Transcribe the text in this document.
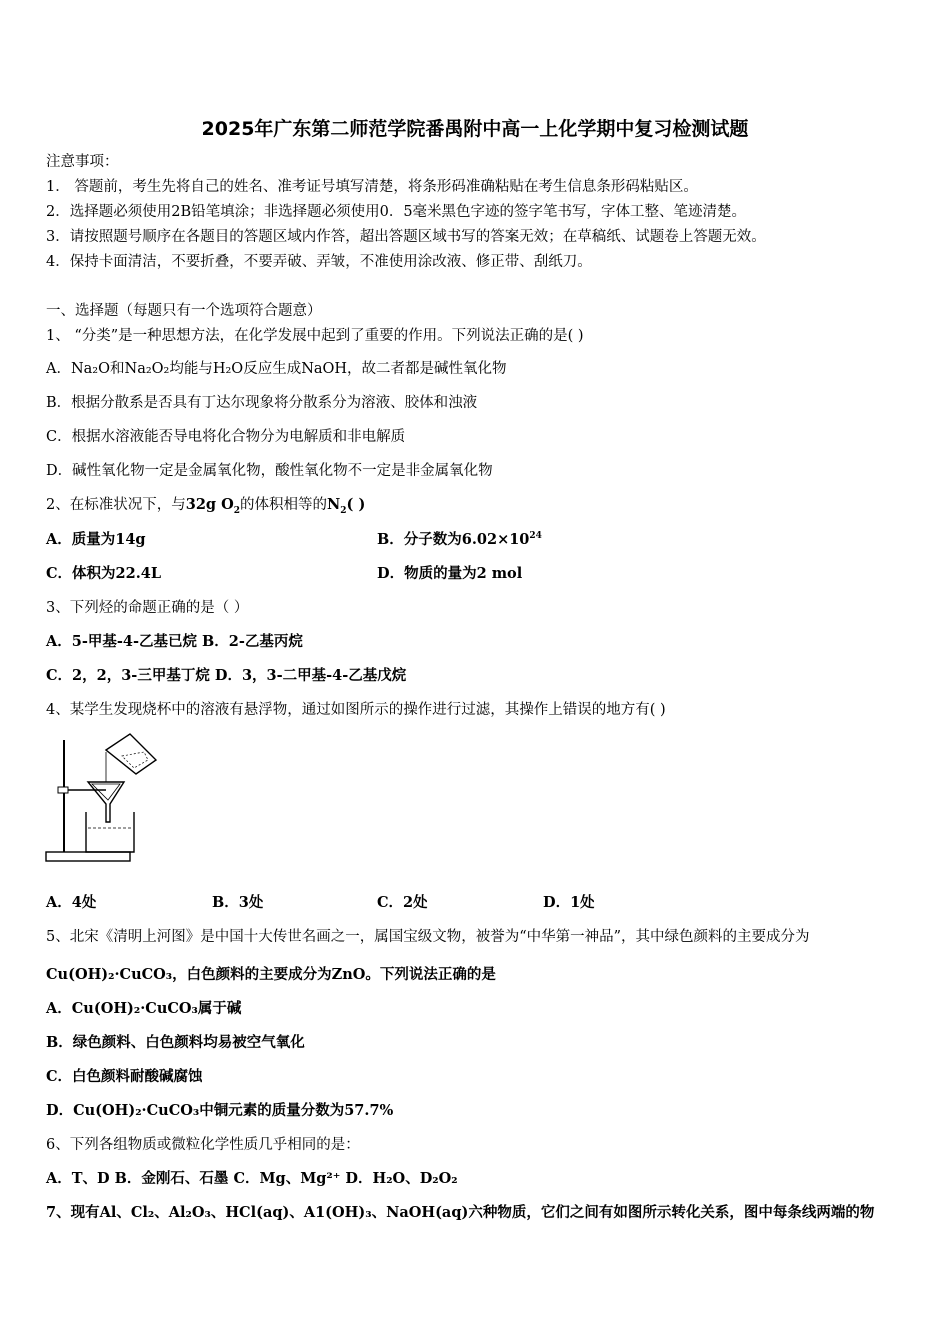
2025年广东第二师范学院番禺附中高一上化学期中复习检测试题
注意事项：
1． 答题前，考生先将自己的姓名、准考证号填写清楚，将条形码准确粘贴在考生信息条形码粘贴区。
2．选择题必须使用2B铅笔填涂；非选择题必须使用0．5毫米黑色字迹的签字笔书写，字体工整、笔迹清楚。
3．请按照题号顺序在各题目的答题区域内作答，超出答题区域书写的答案无效；在草稿纸、试题卷上答题无效。
4．保持卡面清洁，不要折叠，不要弄破、弄皱，不准使用涂改液、修正带、刮纸刀。
一、选择题（每题只有一个选项符合题意）
1、 “分类”是一种思想方法，在化学发展中起到了重要的作用。下列说法正确的是( )
A．Na₂O和Na₂O₂均能与H₂O反应生成NaOH，故二者都是碱性氧化物
B．根据分散系是否具有丁达尔现象将分散系分为溶液、胶体和浊液
C．根据水溶液能否导电将化合物分为电解质和非电解质
D．碱性氧化物一定是金属氧化物，酸性氧化物不一定是非金属氧化物
2、在标准状况下，与32g $O_2$的体积相等的$N_2$( )
A．质量为14g	B．分子数为$6.02\times 10^{24}$
C．体积为22.4L	D．物质的量为2 mol
3、下列烃的命题正确的是（ ）
A．5-甲基-4-乙基已烷 B．2-乙基丙烷
C．2，2，3-三甲基丁烷 D．3，3-二甲基-4-乙基戊烷
4、某学生发现烧杯中的溶液有悬浮物，通过如图所示的操作进行过滤，其操作上错误的地方有( )
A．4处	B．3处	C．2处	D．1处
5、北宋《清明上河图》是中国十大传世名画之一，属国宝级文物，被誉为“中华第一神品”，其中绿色颜料的主要成分为
Cu(OH)₂·CuCO₃，白色颜料的主要成分为ZnO。下列说法正确的是
A．Cu(OH)₂·CuCO₃属于碱
B．绿色颜料、白色颜料均易被空气氧化
C．白色颜料耐酸碱腐蚀
D．Cu(OH)₂·CuCO₃中铜元素的质量分数为57.7%
6、下列各组物质或微粒化学性质几乎相同的是：
A．T、D B．金刚石、石墨 C．Mg、Mg²⁺ D．H₂O、D₂O₂
7、现有Al、Cl₂、Al₂O₃、HCl(aq)、A1(OH)₃、NaOH(aq)六种物质，它们之间有如图所示转化关系，图中每条线两端的物
